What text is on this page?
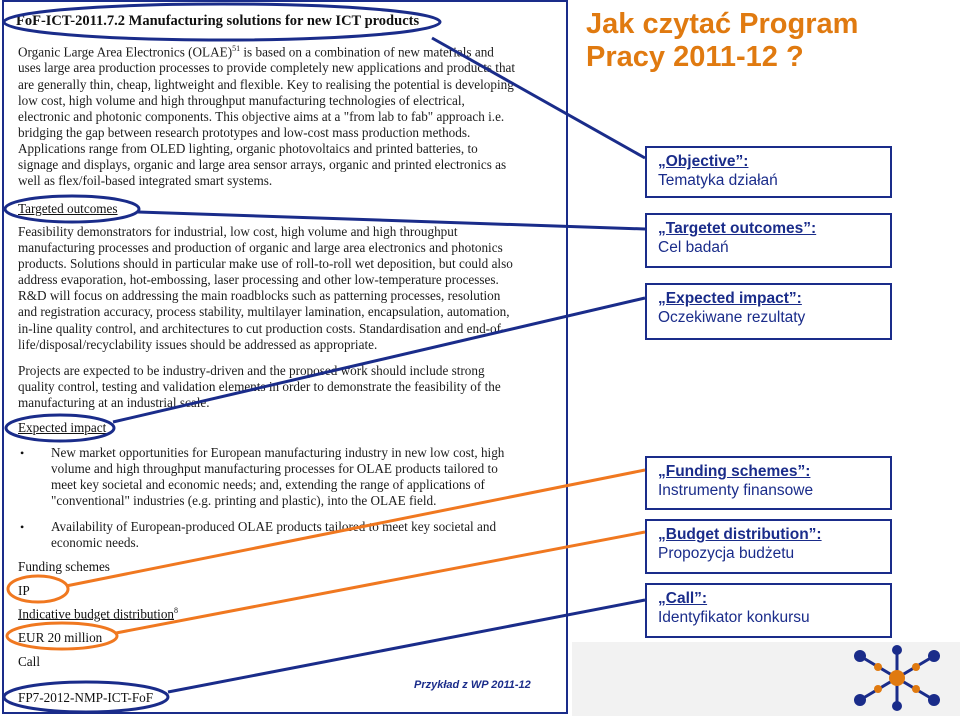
FoF-ICT-2011.7.2 Manufacturing solutions for new ICT products
Organic Large Area Electronics (OLAE)$^{51}$ is based on a combination of new materials and
uses large area production processes to provide completely new applications and products that
are generally thin, cheap, lightweight and flexible. Key to realising the potential is developing
low cost, high volume and high throughput manufacturing technologies of electrical,
electronic and photonic components. This objective aims at a "from lab to fab" approach i.e.
bridging the gap between research prototypes and low-cost mass production methods.
Applications range from OLED lighting, organic photovoltaics and printed batteries, to
signage and displays, organic and large area sensor arrays, organic and printed electronics as
well as flex/foil-based integrated smart systems.
Targeted outcomes
Feasibility demonstrators for industrial, low cost, high volume and high throughput
manufacturing processes and production of organic and large area electronics and photonics
products. Solutions should in particular make use of roll-to-roll wet deposition, but could also
address evaporation, hot-embossing, laser processing and other low-temperature processes.
R&D will focus on addressing the main roadblocks such as patterning processes, resolution
and registration accuracy, process stability, multilayer lamination, encapsulation, automation,
in-line quality control, and architectures to cut production costs. Standardisation and end-of-
life/disposal/recyclability issues should be addressed as appropriate.
Projects are expected to be industry-driven and the proposed work should include strong
quality control, testing and validation elements in order to demonstrate the feasibility of the
manufacturing at an industrial scale.
Expected impact
• New market opportunities for European manufacturing industry in new low cost, high
volume and high throughput manufacturing processes for OLAE products tailored to
meet key societal and economic needs; and, extending the range of applications of
"conventional" industries (e.g. printing and plastic), into the OLAE field.
• Availability of European-produced OLAE products tailored to meet key societal and
economic needs.
Funding schemes
IP
Indicative budget distribution$^8$
EUR 20 million
Call
FP7-2012-NMP-ICT-FoF
Przykład z WP 2011-12
Jak czytać Program
Pracy 2011-12 ?
„Objective”:
Tematyka działań
„Targetet outcomes”:
Cel badań
„Expected impact”:
Oczekiwane rezultaty
„Funding schemes”:
Instrumenty finansowe
„Budget distribution”:
Propozycja budżetu
„Call”:
Identyfikator konkursu
